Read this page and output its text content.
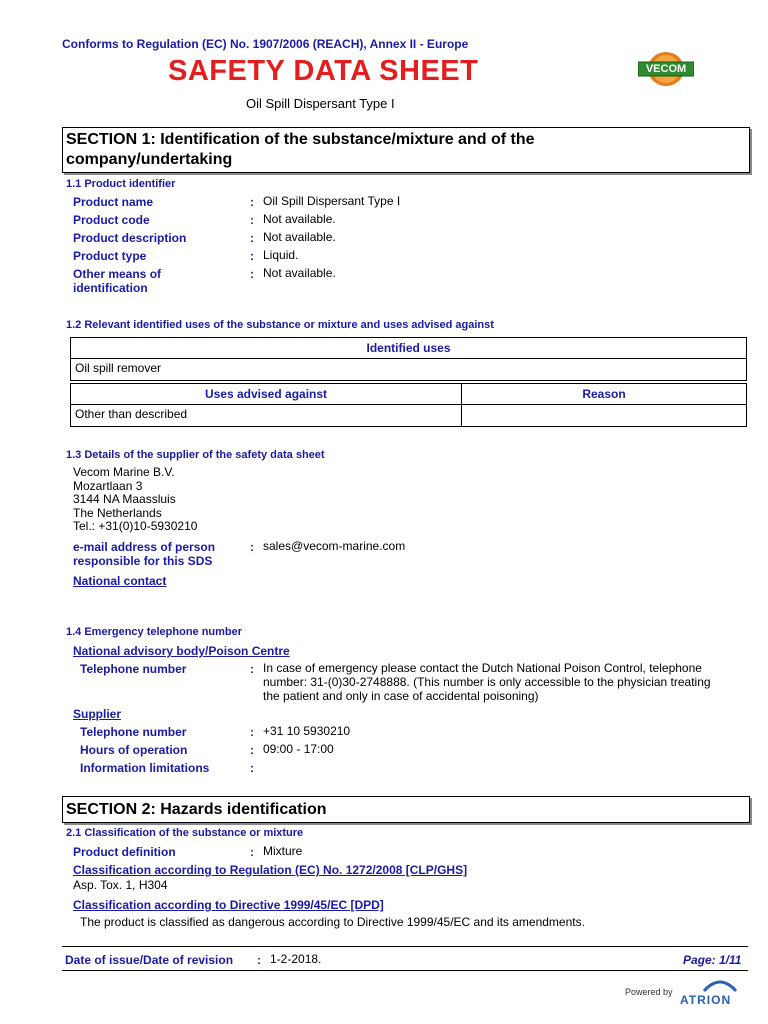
Conforms to Regulation (EC) No. 1907/2006 (REACH), Annex II - Europe
SAFETY DATA SHEET
Oil Spill Dispersant Type I
VECOM
SECTION 1: Identification of the substance/mixture and of the
company/undertaking
1.1 Product identifier
Product name	: Oil Spill Dispersant Type I
Product code	: Not available.
Product description	: Not available.
Product type	: Liquid.
Other means of
identification
: Not available.
1.2 Relevant identified uses of the substance or mixture and uses advised against
Identified uses
Oil spill remover
Uses advised against	Reason
Other than described	
1.3 Details of the supplier of the safety data sheet
Vecom Marine B.V.
Mozartlaan 3
3144 NA Maassluis
The Netherlands
Tel.: +31(0)10-5930210
e-mail address of person
responsible for this SDS
: sales@vecom-marine.com
National contact
1.4 Emergency telephone number
National advisory body/Poison Centre
Telephone number	: In case of emergency please contact the Dutch National Poison Control, telephone
number: 31-(0)30-2748888. (This number is only accessible to the physician treating
the patient and only in case of accidental poisoning)
Supplier
Telephone number	: +31 10 5930210
Hours of operation	: 09:00 - 17:00
Information limitations	:
SECTION 2: Hazards identification
2.1 Classification of the substance or mixture
Product definition	: Mixture
Classification according to Regulation (EC) No. 1272/2008 [CLP/GHS]
Asp. Tox. 1, H304
Classification according to Directive 1999/45/EC [DPD]
The product is classified as dangerous according to Directive 1999/45/EC and its amendments.
Date of issue/Date of revision : 1-2-2018.	Page: 1/11
Powered by
ATRION
